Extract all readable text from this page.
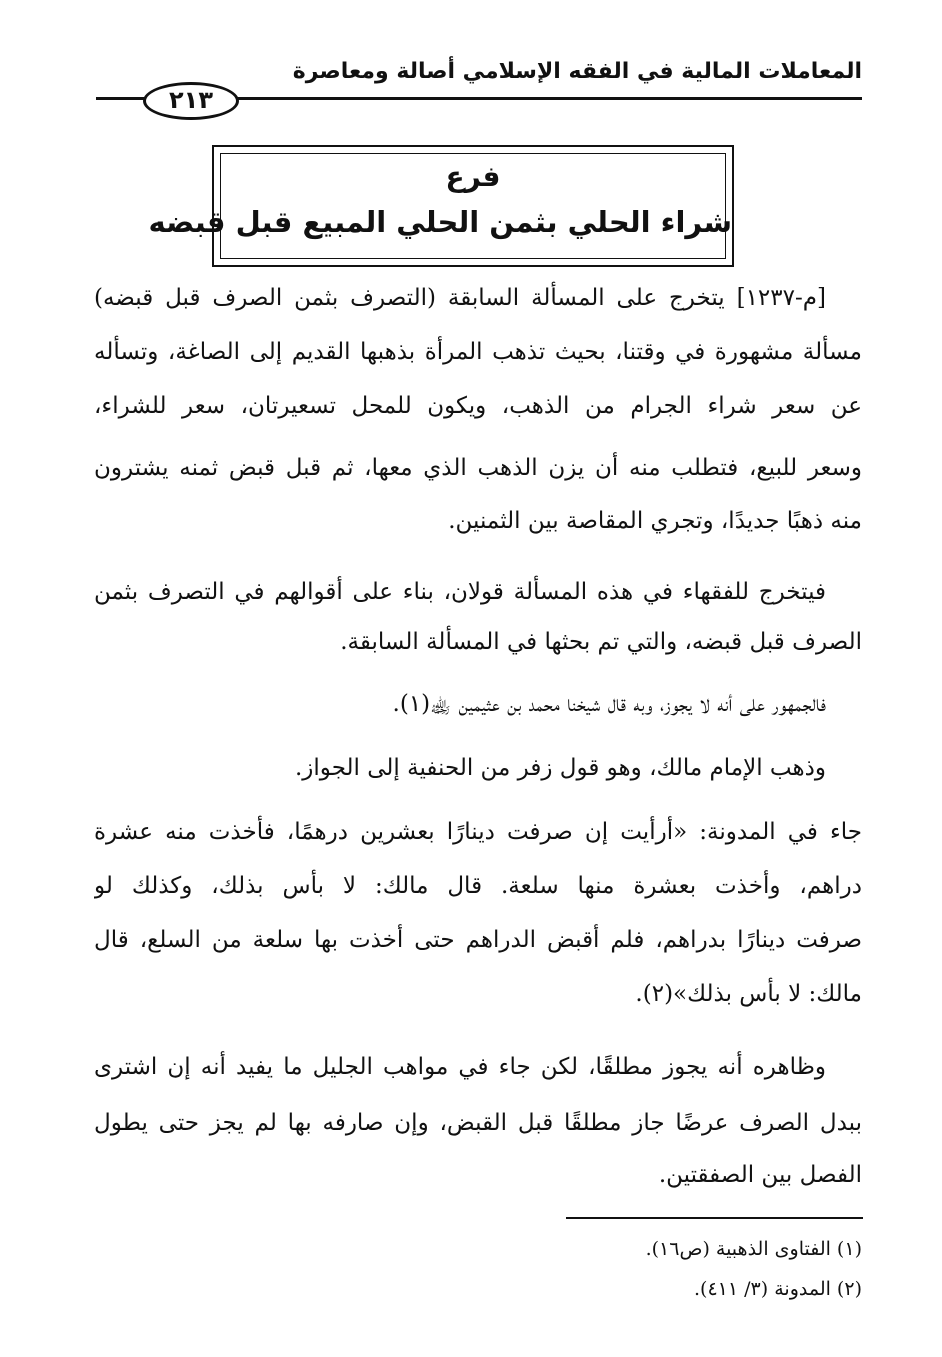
المعاملات المالية في الفقه الإسلامي أصالة ومعاصرة
٢١٣
فرع
شراء الحلي بثمن الحلي المبيع قبل قبضه
[م-١٢٣٧] يتخرج على المسألة السابقة (التصرف بثمن الصرف قبل قبضه)
مسألة مشهورة في وقتنا، بحيث تذهب المرأة بذهبها القديم إلى الصاغة، وتسأله
عن سعر شراء الجرام من الذهب، ويكون للمحل تسعيرتان، سعر للشراء،
وسعر للبيع، فتطلب منه أن يزن الذهب الذي معها، ثم قبل قبض ثمنه يشترون
منه ذهبًا جديدًا، وتجري المقاصة بين الثمنين.
فيتخرج للفقهاء في هذه المسألة قولان، بناء على أقوالهم في التصرف بثمن
الصرف قبل قبضه، والتي تم بحثها في المسألة السابقة.
فالجمهور على أنه لا يجوز، وبه قال شيخنا محمد بن عثيمين ﵀(١).
وذهب الإمام مالك، وهو قول زفر من الحنفية إلى الجواز.
جاء في المدونة: «أرأيت إن صرفت دينارًا بعشرين درهمًا، فأخذت منه عشرة
دراهم، وأخذت بعشرة منها سلعة. قال مالك: لا بأس بذلك، وكذلك لو
صرفت دينارًا بدراهم، فلم أقبض الدراهم حتى أخذت بها سلعة من السلع، قال
مالك: لا بأس بذلك»(٢).
وظاهره أنه يجوز مطلقًا، لكن جاء في مواهب الجليل ما يفيد أنه إن اشترى
ببدل الصرف عرضًا جاز مطلقًا قبل القبض، وإن صارفه بها لم يجز حتى يطول
الفصل بين الصفقتين.
(١) الفتاوى الذهبية (ص١٦).
(٢) المدونة (٣/ ٤١١).
